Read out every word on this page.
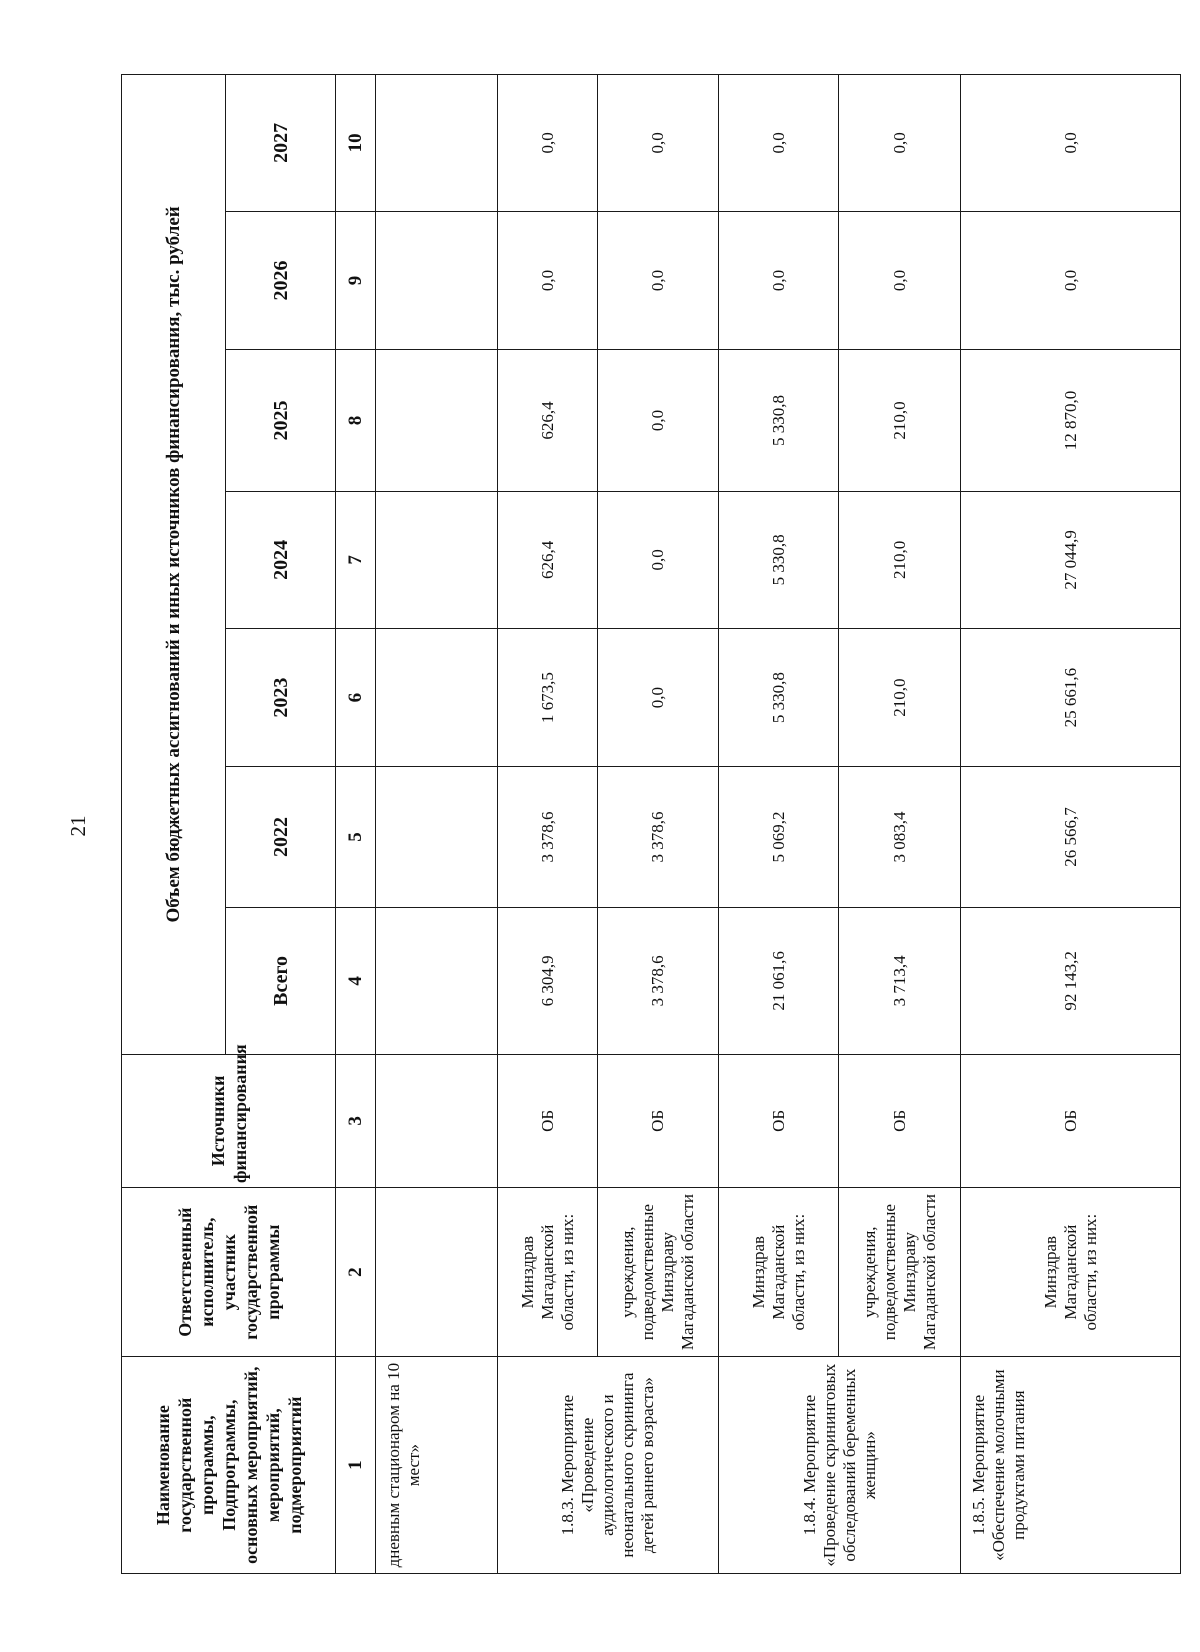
21
Наименование государственной программы, Подпрограммы, основных мероприятий, мероприятий, подмероприятий	Ответственный исполнитель, участник государственной программы	Источники финансирования	Объем бюджетных ассигнований и иных источников финансирования, тыс. рублей						
			Всего	2022	2023	2024	2025	2026	2027
1	2	3	4	5	6	7	8	9	10
дневным стационаром на 10 мест»									
1.8.3. Мероприятие «Проведение аудиологического и неонатального скрининга детей раннего возраста»	Минздрав Магаданской области, из них:	ОБ	6 304,9	3 378,6	1 673,5	626,4	626,4	0,0	0,0
	учреждения, подведомственные Минздраву Магаданской области	ОБ	3 378,6	3 378,6	0,0	0,0	0,0	0,0	0,0
1.8.4. Мероприятие «Проведение скрининговых обследований беременных женщин»	Минздрав Магаданской области, из них:	ОБ	21 061,6	5 069,2	5 330,8	5 330,8	5 330,8	0,0	0,0
	учреждения, подведомственные Минздраву Магаданской области	ОБ	3 713,4	3 083,4	210,0	210,0	210,0	0,0	0,0
1.8.5. Мероприятие «Обеспечение молочными продуктами питания	Минздрав Магаданской области, из них:	ОБ	92 143,2	26 566,7	25 661,6	27 044,9	12 870,0	0,0	0,0
